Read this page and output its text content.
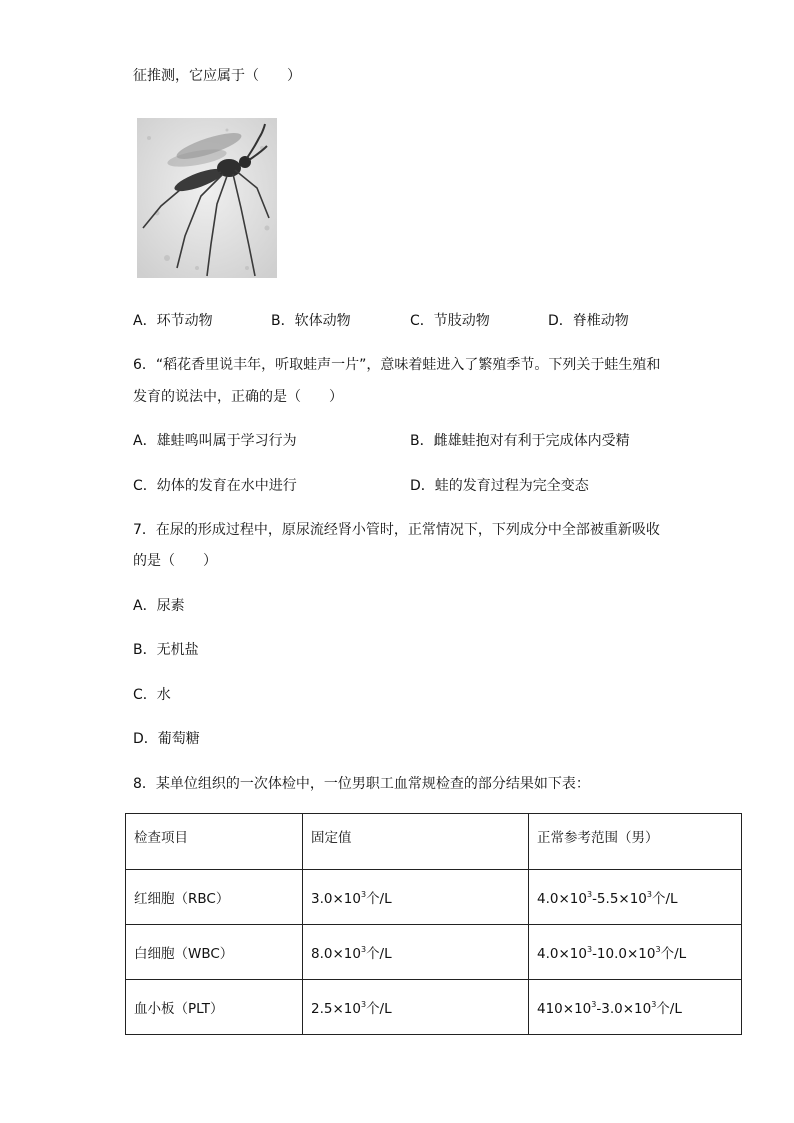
征推测，它应属于（　　）
A．环节动物	B．软体动物	C．节肢动物	D．脊椎动物
6．“稻花香里说丰年，听取蛙声一片”，意味着蛙进入了繁殖季节。下列关于蛙生殖和
发育的说法中，正确的是（　　）
A．雄蛙鸣叫属于学习行为	B．雌雄蛙抱对有利于完成体内受精
C．幼体的发育在水中进行	D．蛙的发育过程为完全变态
7．在尿的形成过程中，原尿流经肾小管时，正常情况下，下列成分中全部被重新吸收
的是（　　）
A．尿素
B．无机盐
C．水
D．葡萄糖
8．某单位组织的一次体检中，一位男职工血常规检查的部分结果如下表：
检查项目	固定值	正常参考范围（男）
红细胞（RBC）	$3.0\times 10^3$个/L	$4.0\times 10^3-5.5\times 10^3$个/L
白细胞（WBC）	$8.0\times 10^3$个/L	$4.0\times 10^3-10.0\times 10^3$个/L
血小板（PLT）	$2.5\times 10^3$个/L	$410\times 10^3-3.0\times 10^3$个/L
